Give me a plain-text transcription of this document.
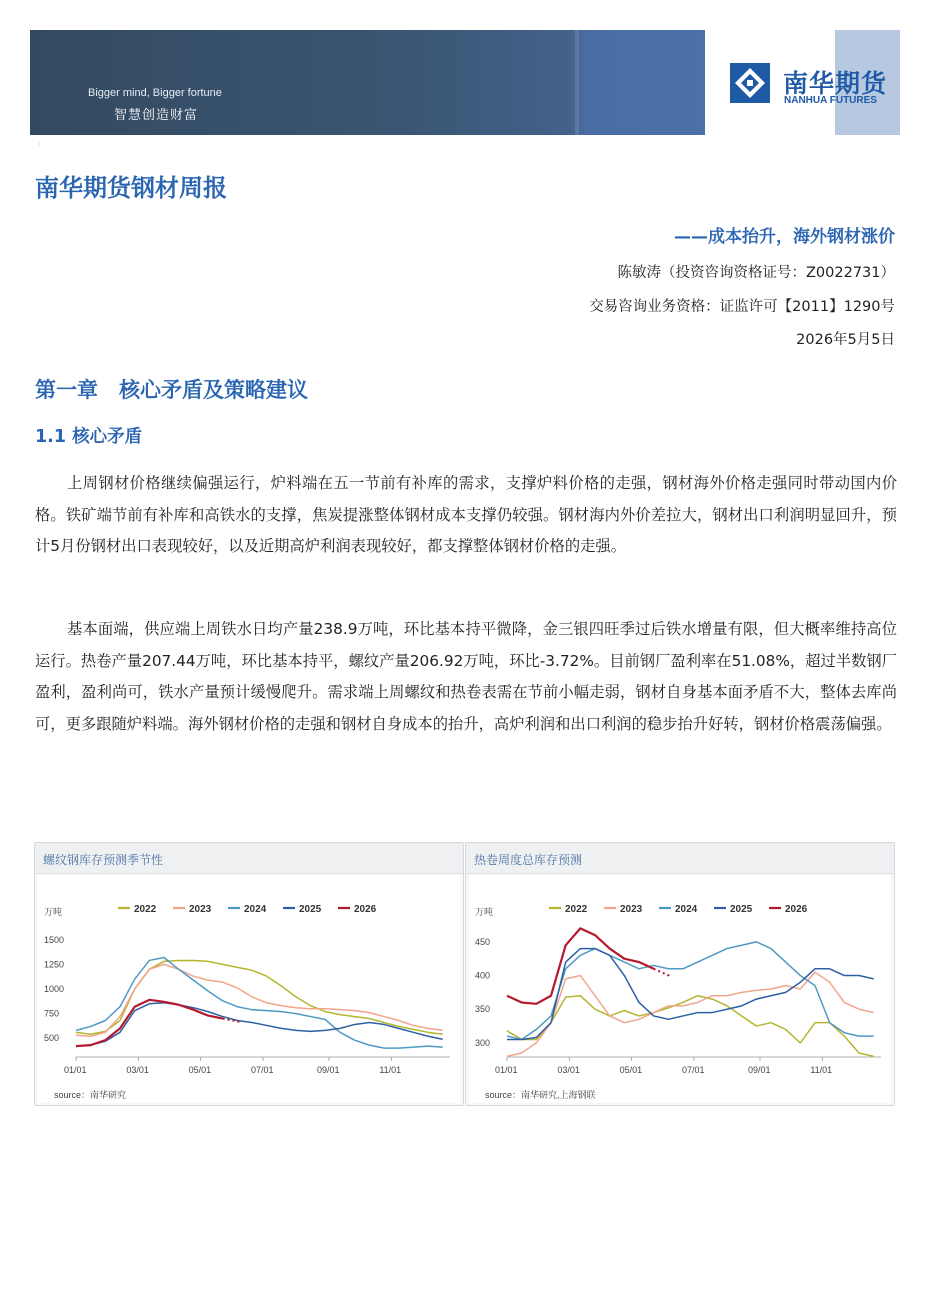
Bigger mind, Bigger fortune
智慧创造财富
南华期货
NANHUA FUTURES
·
南华期货钢材周报
——成本抬升，海外钢材涨价
陈敏涛（投资咨询资格证号：Z0022731）
交易咨询业务资格：证监许可【2011】1290号
2026年5月5日
第一章　核心矛盾及策略建议
1.1 核心矛盾

上周钢材价格继续偏强运行，炉料端在五一节前有补库的需求，支撑炉料价格的走强，钢材海外价格走强同时带动国内价格。铁矿端节前有补库和高铁水的支撑，焦炭提涨整体钢材成本支撑仍较强。钢材海内外价差拉大，钢材出口利润明显回升，预计5月份钢材出口表现较好，以及近期高炉利润表现较好，都支撑整体钢材价格的走强。

基本面端，供应端上周铁水日均产量238.9万吨，环比基本持平微降，金三银四旺季过后铁水增量有限，但大概率维持高位运行。热卷产量207.44万吨，环比基本持平，螺纹产量206.92万吨，环比-3.72%。目前钢厂盈利率在51.08%，超过半数钢厂盈利，盈利尚可，铁水产量预计缓慢爬升。需求端上周螺纹和热卷表需在节前小幅走弱，钢材自身基本面矛盾不大，整体去库尚可，更多跟随炉料端。海外钢材价格的走强和钢材自身成本的抬升，高炉利润和出口利润的稳步抬升好转，钢材价格震荡偏强。

螺纹钢库存预测季节性
万吨
500
750
1000
1250
1500
01/01	03/01	05/01	07/01	09/01	11/01
2022	2023	2024	2025	2026
source：南华研究
热卷周度总库存预测
万吨
300
350
400
450
01/01	03/01	05/01	07/01	09/01	11/01
2022	2023	2024	2025	2026
source：南华研究,上海钢联
